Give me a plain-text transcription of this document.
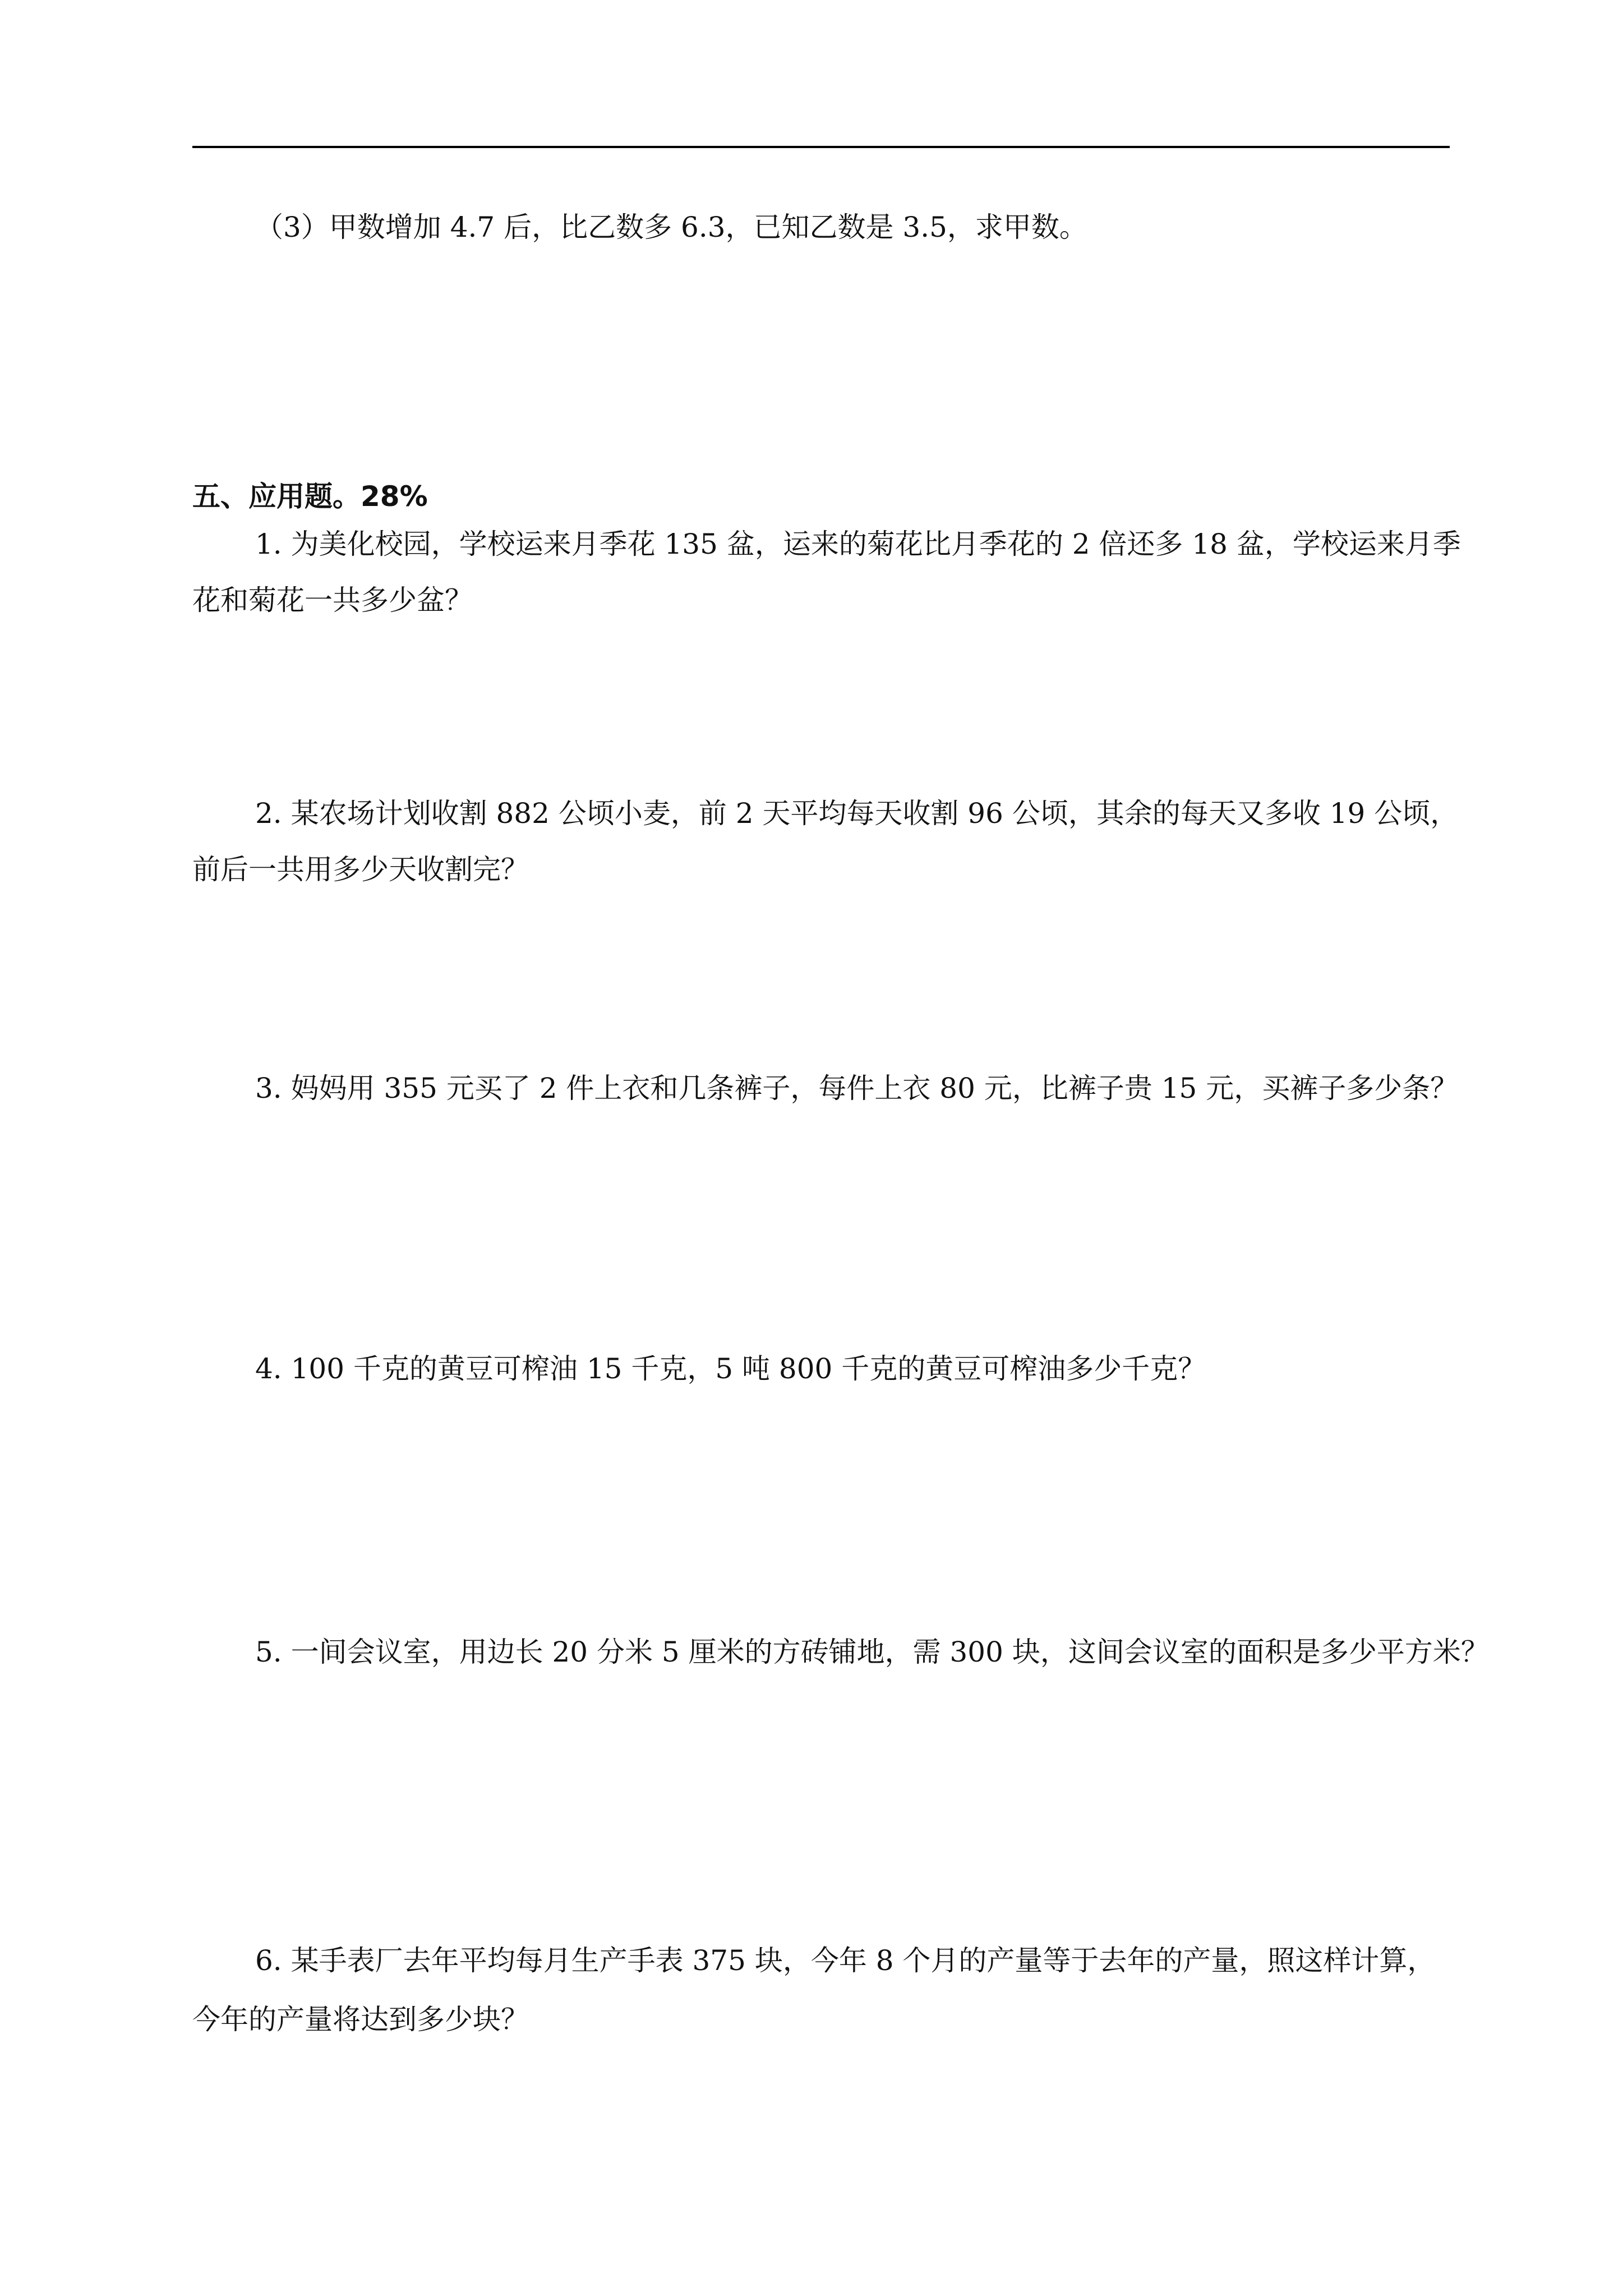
（3）甲数增加 4.7 后，比乙数多 6.3，已知乙数是 3.5，求甲数。
五、应用题。28%
1. 为美化校园，学校运来月季花 135 盆，运来的菊花比月季花的 2 倍还多 18 盆，学校运来月季
花和菊花一共多少盆？
2. 某农场计划收割 882 公顷小麦，前 2 天平均每天收割 96 公顷，其余的每天又多收 19 公顷，
前后一共用多少天收割完？
3. 妈妈用 355 元买了 2 件上衣和几条裤子，每件上衣 80 元，比裤子贵 15 元，买裤子多少条？
4. 100 千克的黄豆可榨油 15 千克，5 吨 800 千克的黄豆可榨油多少千克？
5. 一间会议室，用边长 20 分米 5 厘米的方砖铺地，需 300 块，这间会议室的面积是多少平方米？
6. 某手表厂去年平均每月生产手表 375 块，今年 8 个月的产量等于去年的产量，照这样计算，
今年的产量将达到多少块？
